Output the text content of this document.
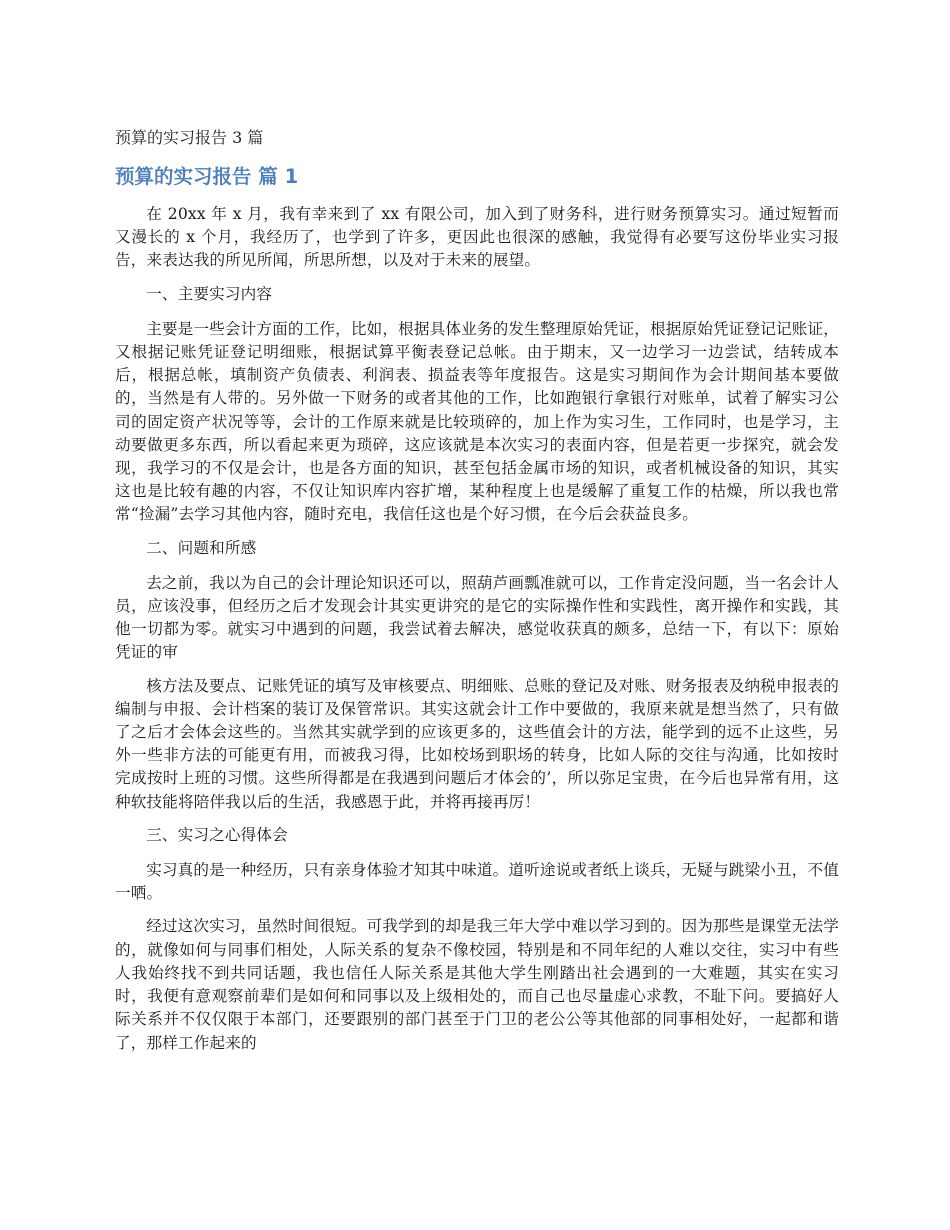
预算的实习报告 3 篇
预算的实习报告 篇 1

在 20xx 年 x 月，我有幸来到了 xx 有限公司，加入到了财务科，进行财务预算实习。通过短暂而又漫长的 x 个月，我经历了，也学到了许多，更因此也很深的感触，我觉得有必要写这份毕业实习报告，来表达我的所见所闻，所思所想，以及对于未来的展望。

一、主要实习内容

主要是一些会计方面的工作，比如，根据具体业务的发生整理原始凭证，根据原始凭证登记记账证，又根据记账凭证登记明细账，根据试算平衡表登记总帐。由于期末，又一边学习一边尝试，结转成本后，根据总帐，填制资产负债表、利润表、损益表等年度报告。这是实习期间作为会计期间基本要做的，当然是有人带的。另外做一下财务的或者其他的工作，比如跑银行拿银行对账单，试着了解实习公司的固定资产状况等等，会计的工作原来就是比较琐碎的，加上作为实习生，工作同时，也是学习，主动要做更多东西，所以看起来更为琐碎，这应该就是本次实习的表面内容，但是若更一步探究，就会发现，我学习的不仅是会计，也是各方面的知识，甚至包括金属市场的知识，或者机械设备的知识，其实这也是比较有趣的内容，不仅让知识库内容扩增，某种程度上也是缓解了重复工作的枯燥，所以我也常常“捡漏”去学习其他内容，随时充电，我信任这也是个好习惯，在今后会获益良多。

二、问题和所感

去之前，我以为自己的会计理论知识还可以，照葫芦画瓢准就可以，工作肯定没问题，当一名会计人员，应该没事，但经历之后才发现会计其实更讲究的是它的实际操作性和实践性，离开操作和实践，其他一切都为零。就实习中遇到的问题，我尝试着去解决，感觉收获真的颇多，总结一下，有以下：原始凭证的审

核方法及要点、记账凭证的填写及审核要点、明细账、总账的登记及对账、财务报表及纳税申报表的编制与申报、会计档案的装订及保管常识。其实这就会计工作中要做的，我原来就是想当然了，只有做了之后才会体会这些的。当然其实就学到的应该更多的，这些值会计的方法，能学到的远不止这些，另外一些非方法的可能更有用，而被我习得，比如校场到职场的转身，比如人际的交往与沟通，比如按时完成按时上班的习惯。这些所得都是在我遇到问题后才体会的’，所以弥足宝贵，在今后也异常有用，这种软技能将陪伴我以后的生活，我感恩于此，并将再接再厉！

三、实习之心得体会

实习真的是一种经历，只有亲身体验才知其中味道。道听途说或者纸上谈兵，无疑与跳梁小丑，不值一哂。

经过这次实习，虽然时间很短。可我学到的却是我三年大学中难以学习到的。因为那些是课堂无法学的，就像如何与同事们相处，人际关系的复杂不像校园，特别是和不同年纪的人难以交往，实习中有些人我始终找不到共同话题，我也信任人际关系是其他大学生刚踏出社会遇到的一大难题，其实在实习时，我便有意观察前辈们是如何和同事以及上级相处的，而自己也尽量虚心求教，不耻下问。要搞好人际关系并不仅仅限于本部门，还要跟别的部门甚至于门卫的老公公等其他部的同事相处好，一起都和谐了，那样工作起来的
